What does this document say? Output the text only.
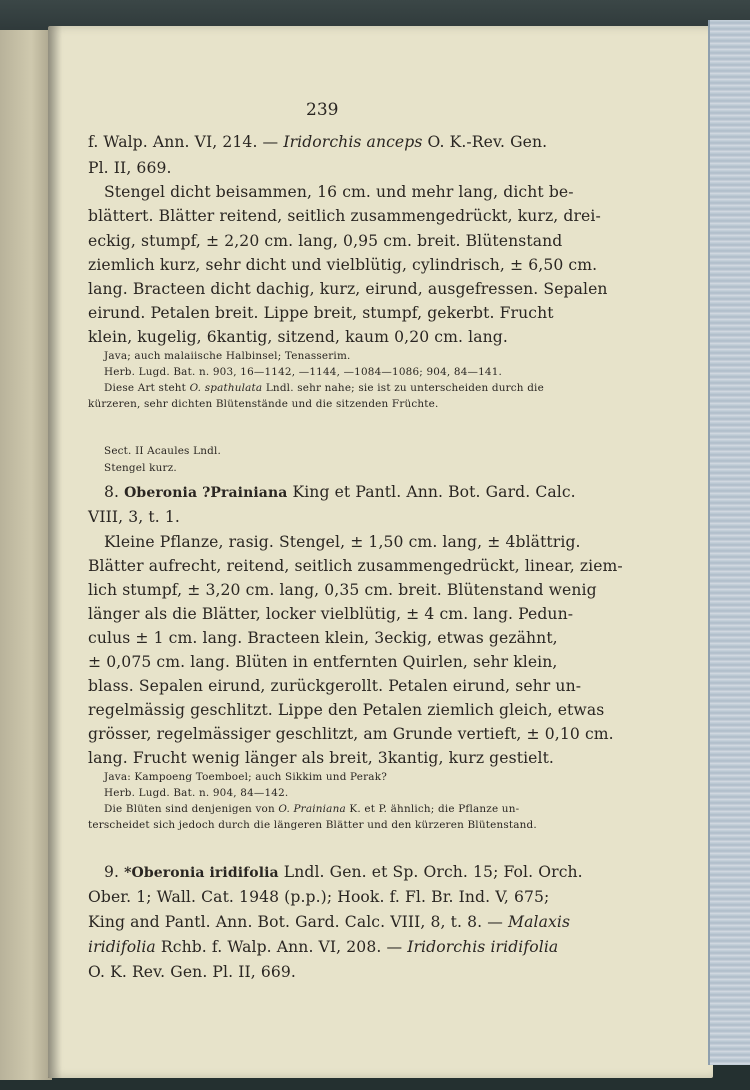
239
f. Walp. Ann. VI, 214. — Iridorchis anceps O. K.-Rev. Gen.
Pl. II, 669.
Stengel dicht beisammen, 16 cm. und mehr lang, dicht be-
blättert. Blätter reitend, seitlich zusammengedrückt, kurz, drei-
eckig, stumpf, ± 2,20 cm. lang, 0,95 cm. breit. Blütenstand
ziemlich kurz, sehr dicht und vielblütig, cylindrisch, ± 6,50 cm.
lang. Bracteen dicht dachig, kurz, eirund, ausgefressen. Sepalen
eirund. Petalen breit. Lippe breit, stumpf, gekerbt. Frucht
klein, kugelig, 6kantig, sitzend, kaum 0,20 cm. lang.
Java; auch malaiische Halbinsel; Tenasserim.
Herb. Lugd. Bat. n. 903, 16—1142, —1144, —1084—1086; 904, 84—141.
Diese Art steht O. spathulata Lndl. sehr nahe; sie ist zu unterscheiden durch die
kürzeren, sehr dichten Blütenstände und die sitzenden Früchte.
Sect. II Acaules Lndl.
Stengel kurz.
8. Oberonia ?Prainiana King et Pantl. Ann. Bot. Gard. Calc.
VIII, 3, t. 1.
Kleine Pflanze, rasig. Stengel, ± 1,50 cm. lang, ± 4blättrig.
Blätter aufrecht, reitend, seitlich zusammengedrückt, linear, ziem-
lich stumpf, ± 3,20 cm. lang, 0,35 cm. breit. Blütenstand wenig
länger als die Blätter, locker vielblütig, ± 4 cm. lang. Pedun-
culus ± 1 cm. lang. Bracteen klein, 3eckig, etwas gezähnt,
± 0,075 cm. lang. Blüten in entfernten Quirlen, sehr klein,
blass. Sepalen eirund, zurückgerollt. Petalen eirund, sehr un-
regelmässig geschlitzt. Lippe den Petalen ziemlich gleich, etwas
grösser, regelmässiger geschlitzt, am Grunde vertieft, ± 0,10 cm.
lang. Frucht wenig länger als breit, 3kantig, kurz gestielt.
Java: Kampoeng Toemboel; auch Sikkim und Perak?
Herb. Lugd. Bat. n. 904, 84—142.
Die Blüten sind denjenigen von O. Prainiana K. et P. ähnlich; die Pflanze un-
terscheidet sich jedoch durch die längeren Blätter und den kürzeren Blütenstand.
9. *Oberonia iridifolia Lndl. Gen. et Sp. Orch. 15; Fol. Orch.
Ober. 1; Wall. Cat. 1948 (p.p.); Hook. f. Fl. Br. Ind. V, 675;
King and Pantl. Ann. Bot. Gard. Calc. VIII, 8, t. 8. — Malaxis
iridifolia Rchb. f. Walp. Ann. VI, 208. — Iridorchis iridifolia
O. K. Rev. Gen. Pl. II, 669.
